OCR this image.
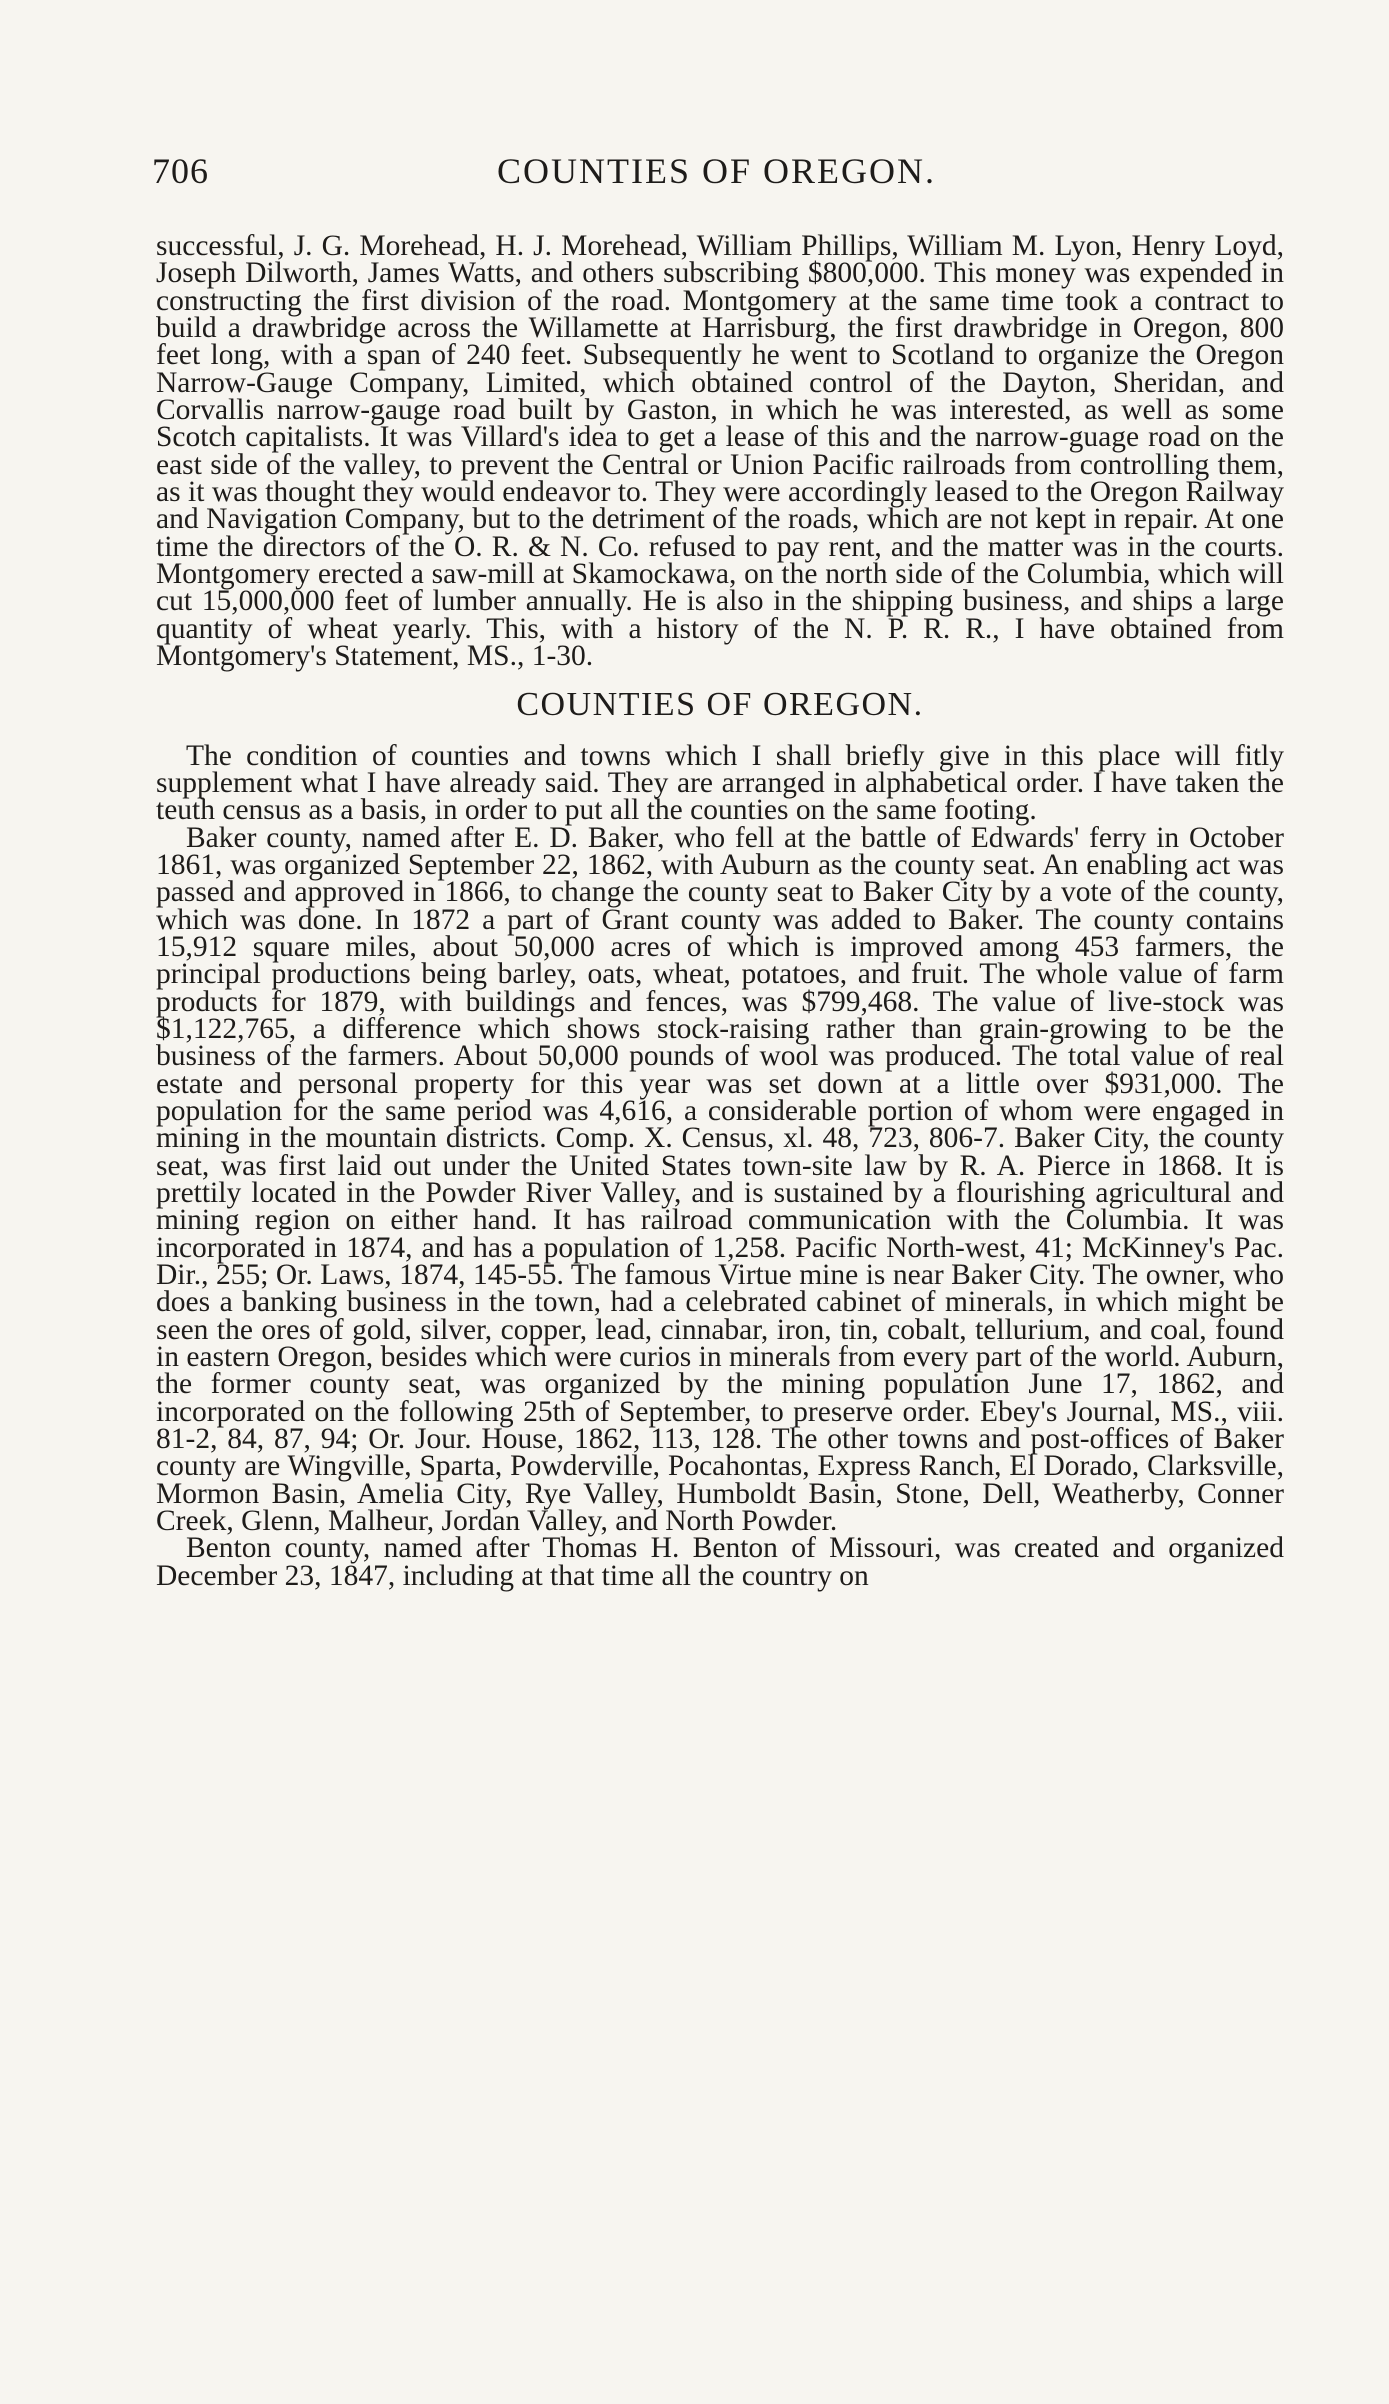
706	COUNTIES OF OREGON.

successful, J. G. Morehead, H. J. Morehead, William Phillips, William M. Lyon, Henry Loyd, Joseph Dilworth, James Watts, and others subscribing $800,000. This money was expended in constructing the first division of the road. Montgomery at the same time took a contract to build a drawbridge across the Willamette at Harrisburg, the first drawbridge in Oregon, 800 feet long, with a span of 240 feet. Subsequently he went to Scotland to organize the Oregon Narrow-Gauge Company, Limited, which obtained control of the Dayton, Sheridan, and Corvallis narrow-gauge road built by Gaston, in which he was interested, as well as some Scotch capitalists. It was Villard's idea to get a lease of this and the narrow-guage road on the east side of the valley, to prevent the Central or Union Pacific railroads from controlling them, as it was thought they would endeavor to. They were accordingly leased to the Oregon Railway and Navigation Company, but to the detriment of the roads, which are not kept in repair. At one time the directors of the O. R. & N. Co. refused to pay rent, and the matter was in the courts. Montgomery erected a saw-mill at Skamockawa, on the north side of the Columbia, which will cut 15,000,000 feet of lumber annually. He is also in the shipping business, and ships a large quantity of wheat yearly. This, with a history of the N. P. R. R., I have obtained from Montgomery's Statement, MS., 1-30.

COUNTIES OF OREGON.

The condition of counties and towns which I shall briefly give in this place will fitly supplement what I have already said. They are arranged in alphabetical order. I have taken the teuth census as a basis, in order to put all the counties on the same footing.

Baker county, named after E. D. Baker, who fell at the battle of Edwards' ferry in October 1861, was organized September 22, 1862, with Auburn as the county seat. An enabling act was passed and approved in 1866, to change the county seat to Baker City by a vote of the county, which was done. In 1872 a part of Grant county was added to Baker. The county contains 15,912 square miles, about 50,000 acres of which is improved among 453 farmers, the principal productions being barley, oats, wheat, potatoes, and fruit. The whole value of farm products for 1879, with buildings and fences, was $799,468. The value of live-stock was $1,122,765, a difference which shows stock-raising rather than grain-growing to be the business of the farmers. About 50,000 pounds of wool was produced. The total value of real estate and personal property for this year was set down at a little over $931,000. The population for the same period was 4,616, a considerable portion of whom were engaged in mining in the mountain districts. Comp. X. Census, xl. 48, 723, 806-7. Baker City, the county seat, was first laid out under the United States town-site law by R. A. Pierce in 1868. It is prettily located in the Powder River Valley, and is sustained by a flourishing agricultural and mining region on either hand. It has railroad communication with the Columbia. It was incorporated in 1874, and has a population of 1,258. Pacific North-west, 41; McKinney's Pac. Dir., 255; Or. Laws, 1874, 145-55. The famous Virtue mine is near Baker City. The owner, who does a banking business in the town, had a celebrated cabinet of minerals, in which might be seen the ores of gold, silver, copper, lead, cinnabar, iron, tin, cobalt, tellurium, and coal, found in eastern Oregon, besides which were curios in minerals from every part of the world. Auburn, the former county seat, was organized by the mining population June 17, 1862, and incorporated on the following 25th of September, to preserve order. Ebey's Journal, MS., viii. 81-2, 84, 87, 94; Or. Jour. House, 1862, 113, 128. The other towns and post-offices of Baker county are Wingville, Sparta, Powderville, Pocahontas, Express Ranch, El Dorado, Clarksville, Mormon Basin, Amelia City, Rye Valley, Humboldt Basin, Stone, Dell, Weatherby, Conner Creek, Glenn, Malheur, Jordan Valley, and North Powder.

Benton county, named after Thomas H. Benton of Missouri, was created and organized December 23, 1847, including at that time all the country on
